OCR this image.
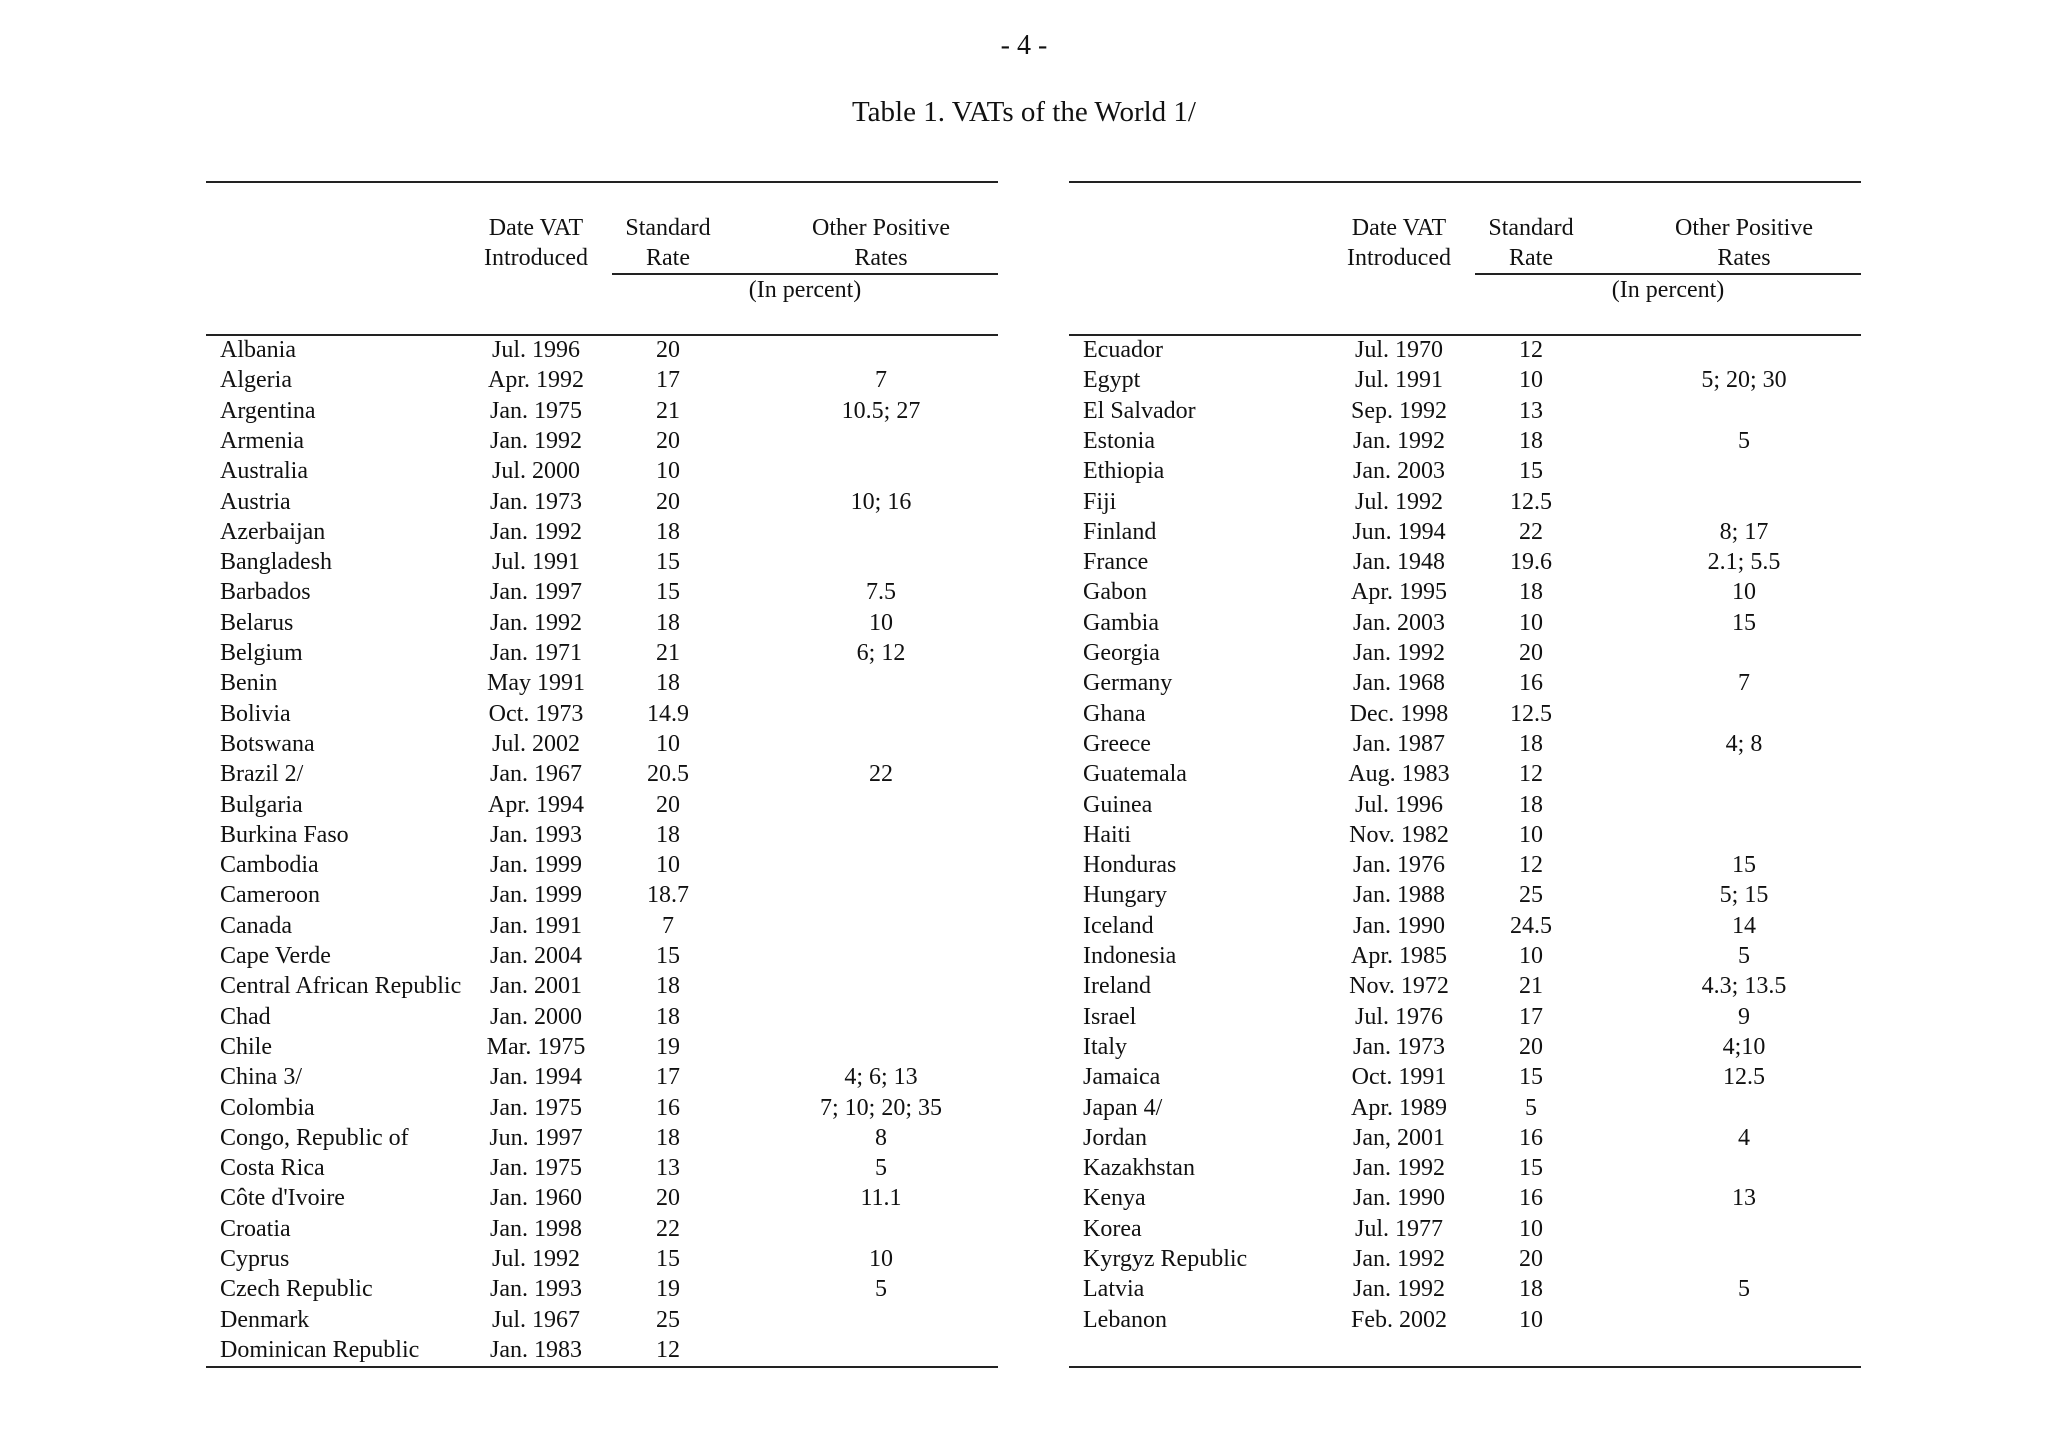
- 4 -
Table 1. VATs of the World 1/
Date VAT
Introduced
Standard
Rate
Other Positive
Rates
(In percent)
Albania	Jul. 1996	20
Algeria	Apr. 1992	17	7
Argentina	Jan. 1975	21	10.5; 27
Armenia	Jan. 1992	20
Australia	Jul. 2000	10
Austria	Jan. 1973	20	10; 16
Azerbaijan	Jan. 1992	18
Bangladesh	Jul. 1991	15
Barbados	Jan. 1997	15	7.5
Belarus	Jan. 1992	18	10
Belgium	Jan. 1971	21	6; 12
Benin	May 1991	18
Bolivia	Oct. 1973	14.9
Botswana	Jul. 2002	10
Brazil 2/	Jan. 1967	20.5	22
Bulgaria	Apr. 1994	20
Burkina Faso	Jan. 1993	18
Cambodia	Jan. 1999	10
Cameroon	Jan. 1999	18.7
Canada	Jan. 1991	7
Cape Verde	Jan. 2004	15
Central African Republic	Jan. 2001	18
Chad	Jan. 2000	18
Chile	Mar. 1975	19
China 3/	Jan. 1994	17	4; 6; 13
Colombia	Jan. 1975	16	7; 10; 20; 35
Congo, Republic of	Jun. 1997	18	8
Costa Rica	Jan. 1975	13	5
Côte d'Ivoire	Jan. 1960	20	11.1
Croatia	Jan. 1998	22
Cyprus	Jul. 1992	15	10
Czech Republic	Jan. 1993	19	5
Denmark	Jul. 1967	25
Dominican Republic	Jan. 1983	12
Date VAT
Introduced
Standard
Rate
Other Positive
Rates
(In percent)
Ecuador	Jul. 1970	12
Egypt	Jul. 1991	10	5; 20; 30
El Salvador	Sep. 1992	13
Estonia	Jan. 1992	18	5
Ethiopia	Jan. 2003	15
Fiji	Jul. 1992	12.5
Finland	Jun. 1994	22	8; 17
France	Jan. 1948	19.6	2.1; 5.5
Gabon	Apr. 1995	18	10
Gambia	Jan. 2003	10	15
Georgia	Jan. 1992	20
Germany	Jan. 1968	16	7
Ghana	Dec. 1998	12.5
Greece	Jan. 1987	18	4; 8
Guatemala	Aug. 1983	12
Guinea	Jul. 1996	18
Haiti	Nov. 1982	10
Honduras	Jan. 1976	12	15
Hungary	Jan. 1988	25	5; 15
Iceland	Jan. 1990	24.5	14
Indonesia	Apr. 1985	10	5
Ireland	Nov. 1972	21	4.3; 13.5
Israel	Jul. 1976	17	9
Italy	Jan. 1973	20	4;10
Jamaica	Oct. 1991	15	12.5
Japan 4/	Apr. 1989	5
Jordan	Jan, 2001	16	4
Kazakhstan	Jan. 1992	15
Kenya	Jan. 1990	16	13
Korea	Jul. 1977	10
Kyrgyz Republic	Jan. 1992	20
Latvia	Jan. 1992	18	5
Lebanon	Feb. 2002	10
